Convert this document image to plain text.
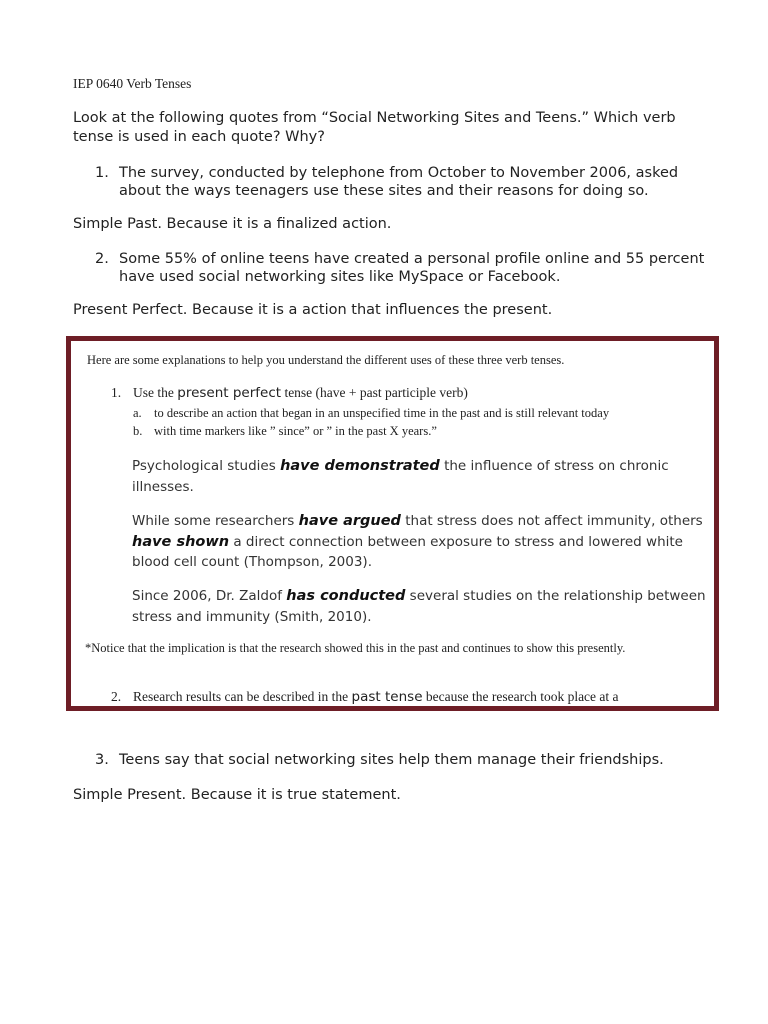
IEP 0640 Verb Tenses
Look at the following quotes from “Social Networking Sites and Teens.” Which verb tense is used in each quote? Why?
1. The survey, conducted by telephone from October to November 2006, asked about the ways teenagers use these sites and their reasons for doing so.
Simple Past. Because it is a finalized action.
2. Some 55% of online teens have created a personal profile online and 55 percent have used social networking sites like MySpace or Facebook.
Present Perfect. Because it is a action that influences the present.
Here are some explanations to help you understand the different uses of these three verb tenses.
1. Use the present perfect tense (have + past participle verb)
a. to describe an action that began in an unspecified time in the past and is still relevant today
b. with time markers like ” since” or ” in the past X years.”
Psychological studies have demonstrated the influence of stress on chronic illnesses.
While some researchers have argued that stress does not affect immunity, others have shown a direct connection between exposure to stress and lowered white blood cell count (Thompson, 2003).
Since 2006, Dr. Zaldof has conducted several studies on the relationship between stress and immunity (Smith, 2010).
*Notice that the implication is that the research showed this in the past and continues to show this presently.
2. Research results can be described in the past tense because the research took place at a
3. Teens say that social networking sites help them manage their friendships.
Simple Present. Because it is true statement.
